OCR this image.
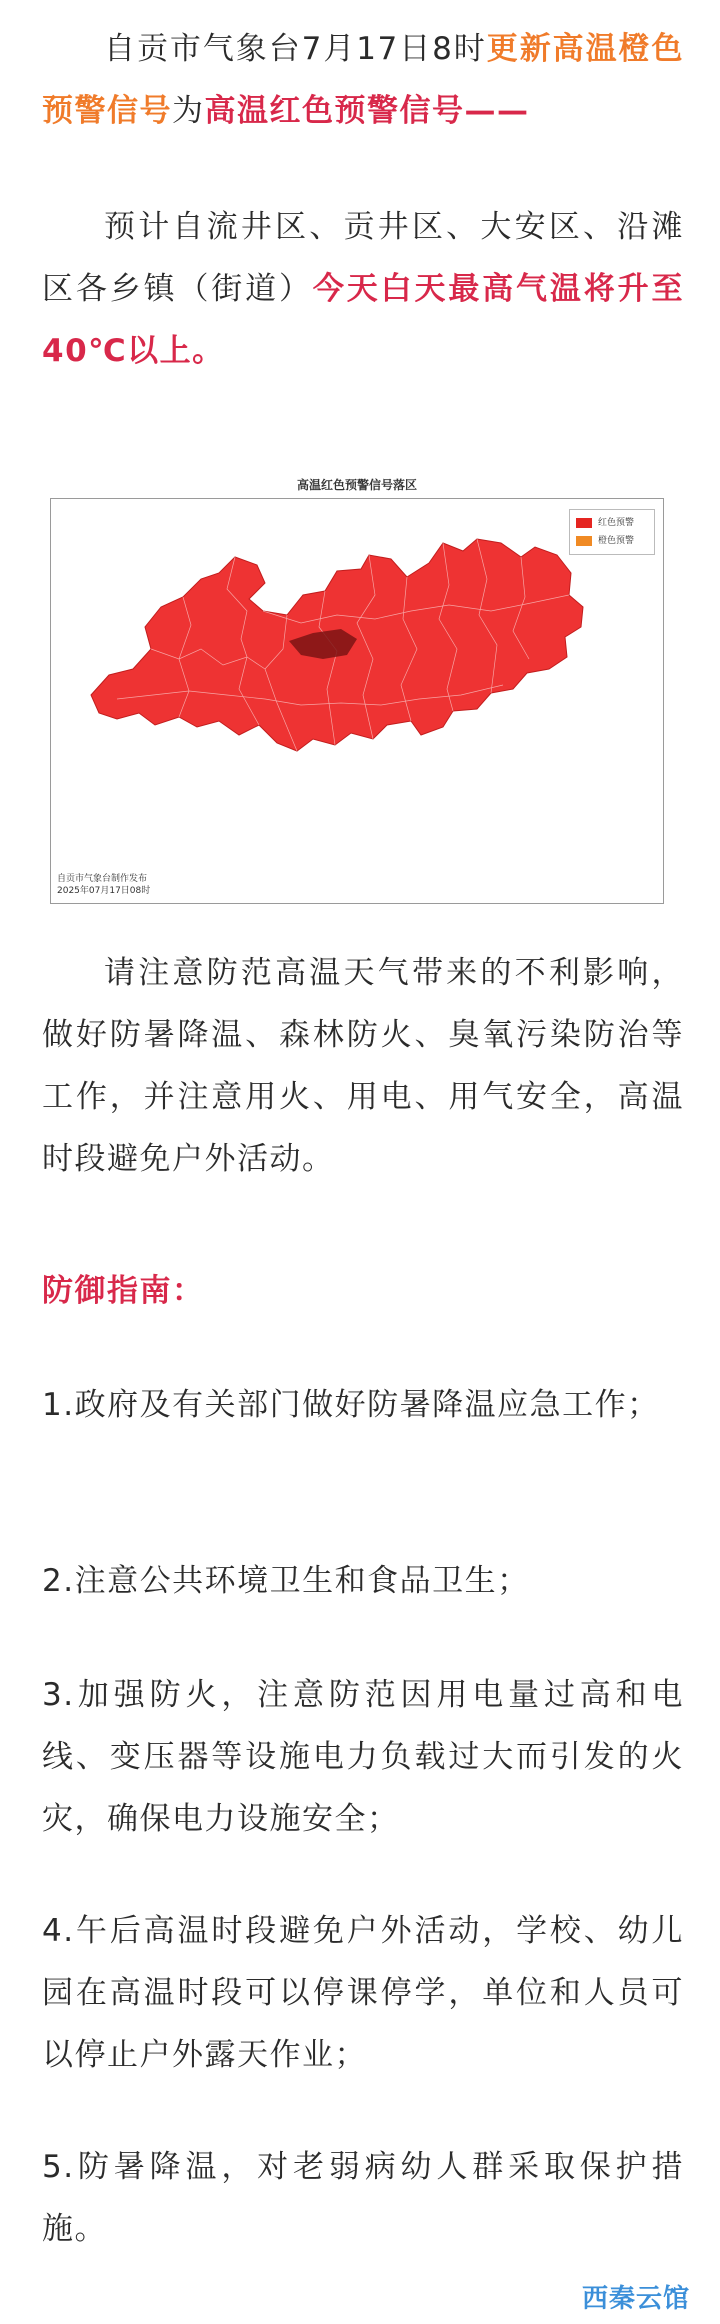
自贡市气象台7月17日8时更新高温橙色预警信号为高温红色预警信号——

预计自流井区、贡井区、大安区、沿滩区各乡镇（街道）今天白天最高气温将升至40℃以上。

请注意防范高温天气带来的不利影响，做好防暑降温、森林防火、臭氧污染防治等工作，并注意用火、用电、用气安全，高温时段避免户外活动。

防御指南：

1.政府及有关部门做好防暑降温应急工作；

2.注意公共环境卫生和食品卫生；

3.加强防火，注意防范因用电量过高和电线、变压器等设施电力负载过大而引发的火灾，确保电力设施安全；

4.午后高温时段避免户外活动，学校、幼儿园在高温时段可以停课停学，单位和人员可以停止户外露天作业；

5.防暑降温，对老弱病幼人群采取保护措施。

高温红色预警信号落区
红色预警
橙色预警
自贡市气象台制作发布
2025年07月17日08时
西秦云馆
